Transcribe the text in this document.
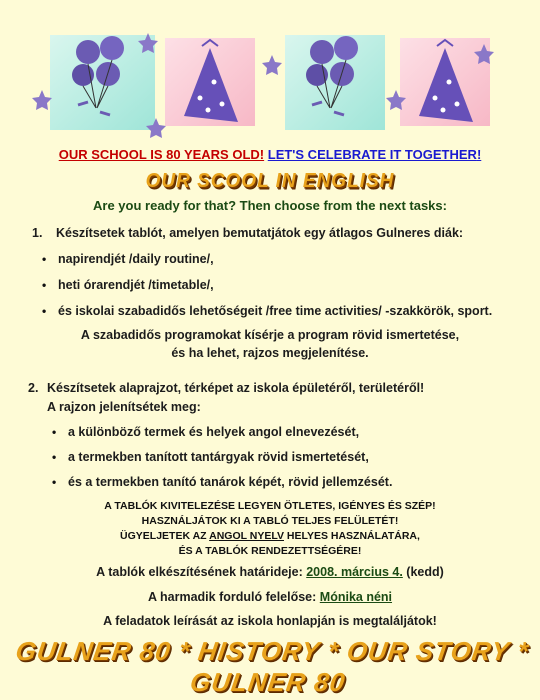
OUR SCHOOL IS 80 YEARS OLD! LET'S CELEBRATE IT TOGETHER!
OUR SCOOL IN ENGLISH
Are you ready for that? Then choose from the next tasks:
1. Készítsetek tablót, amelyen bemutatjátok egy átlagos Gulneres diák:
• napirendjét /daily routine/,
• heti órarendjét /timetable/,
• és iskolai szabadidős lehetőségeit /free time activities/ -szakkörök, sport.
A szabadidős programokat kísérje a program rövid ismertetése,
és ha lehet, rajzos megjelenítése.
2. Készítsetek alaprajzot, térképet az iskola épületéről, területéről!
A rajzon jelenítsétek meg:
• a különböző termek és helyek angol elnevezését,
• a termekben tanított tantárgyak rövid ismertetését,
• és a termekben tanító tanárok képét, rövid jellemzését.
A TABLÓK KIVITELEZÉSE LEGYEN ÖTLETES, IGÉNYES ÉS SZÉP!
HASZNÁLJÁTOK KI A TABLÓ TELJES FELÜLETÉT!
ÜGYELJETEK AZ ANGOL NYELV HELYES HASZNÁLATÁRA,
ÉS A TABLÓK RENDEZETTSÉGÉRE!
A tablók elkészítésének határideje: 2008. március 4. (kedd)
A harmadik forduló felelőse: Mónika néni
A feladatok leírását az iskola honlapján is megtaláljátok!
GULNER 80 * HISTORY * OUR STORY * GULNER 80
